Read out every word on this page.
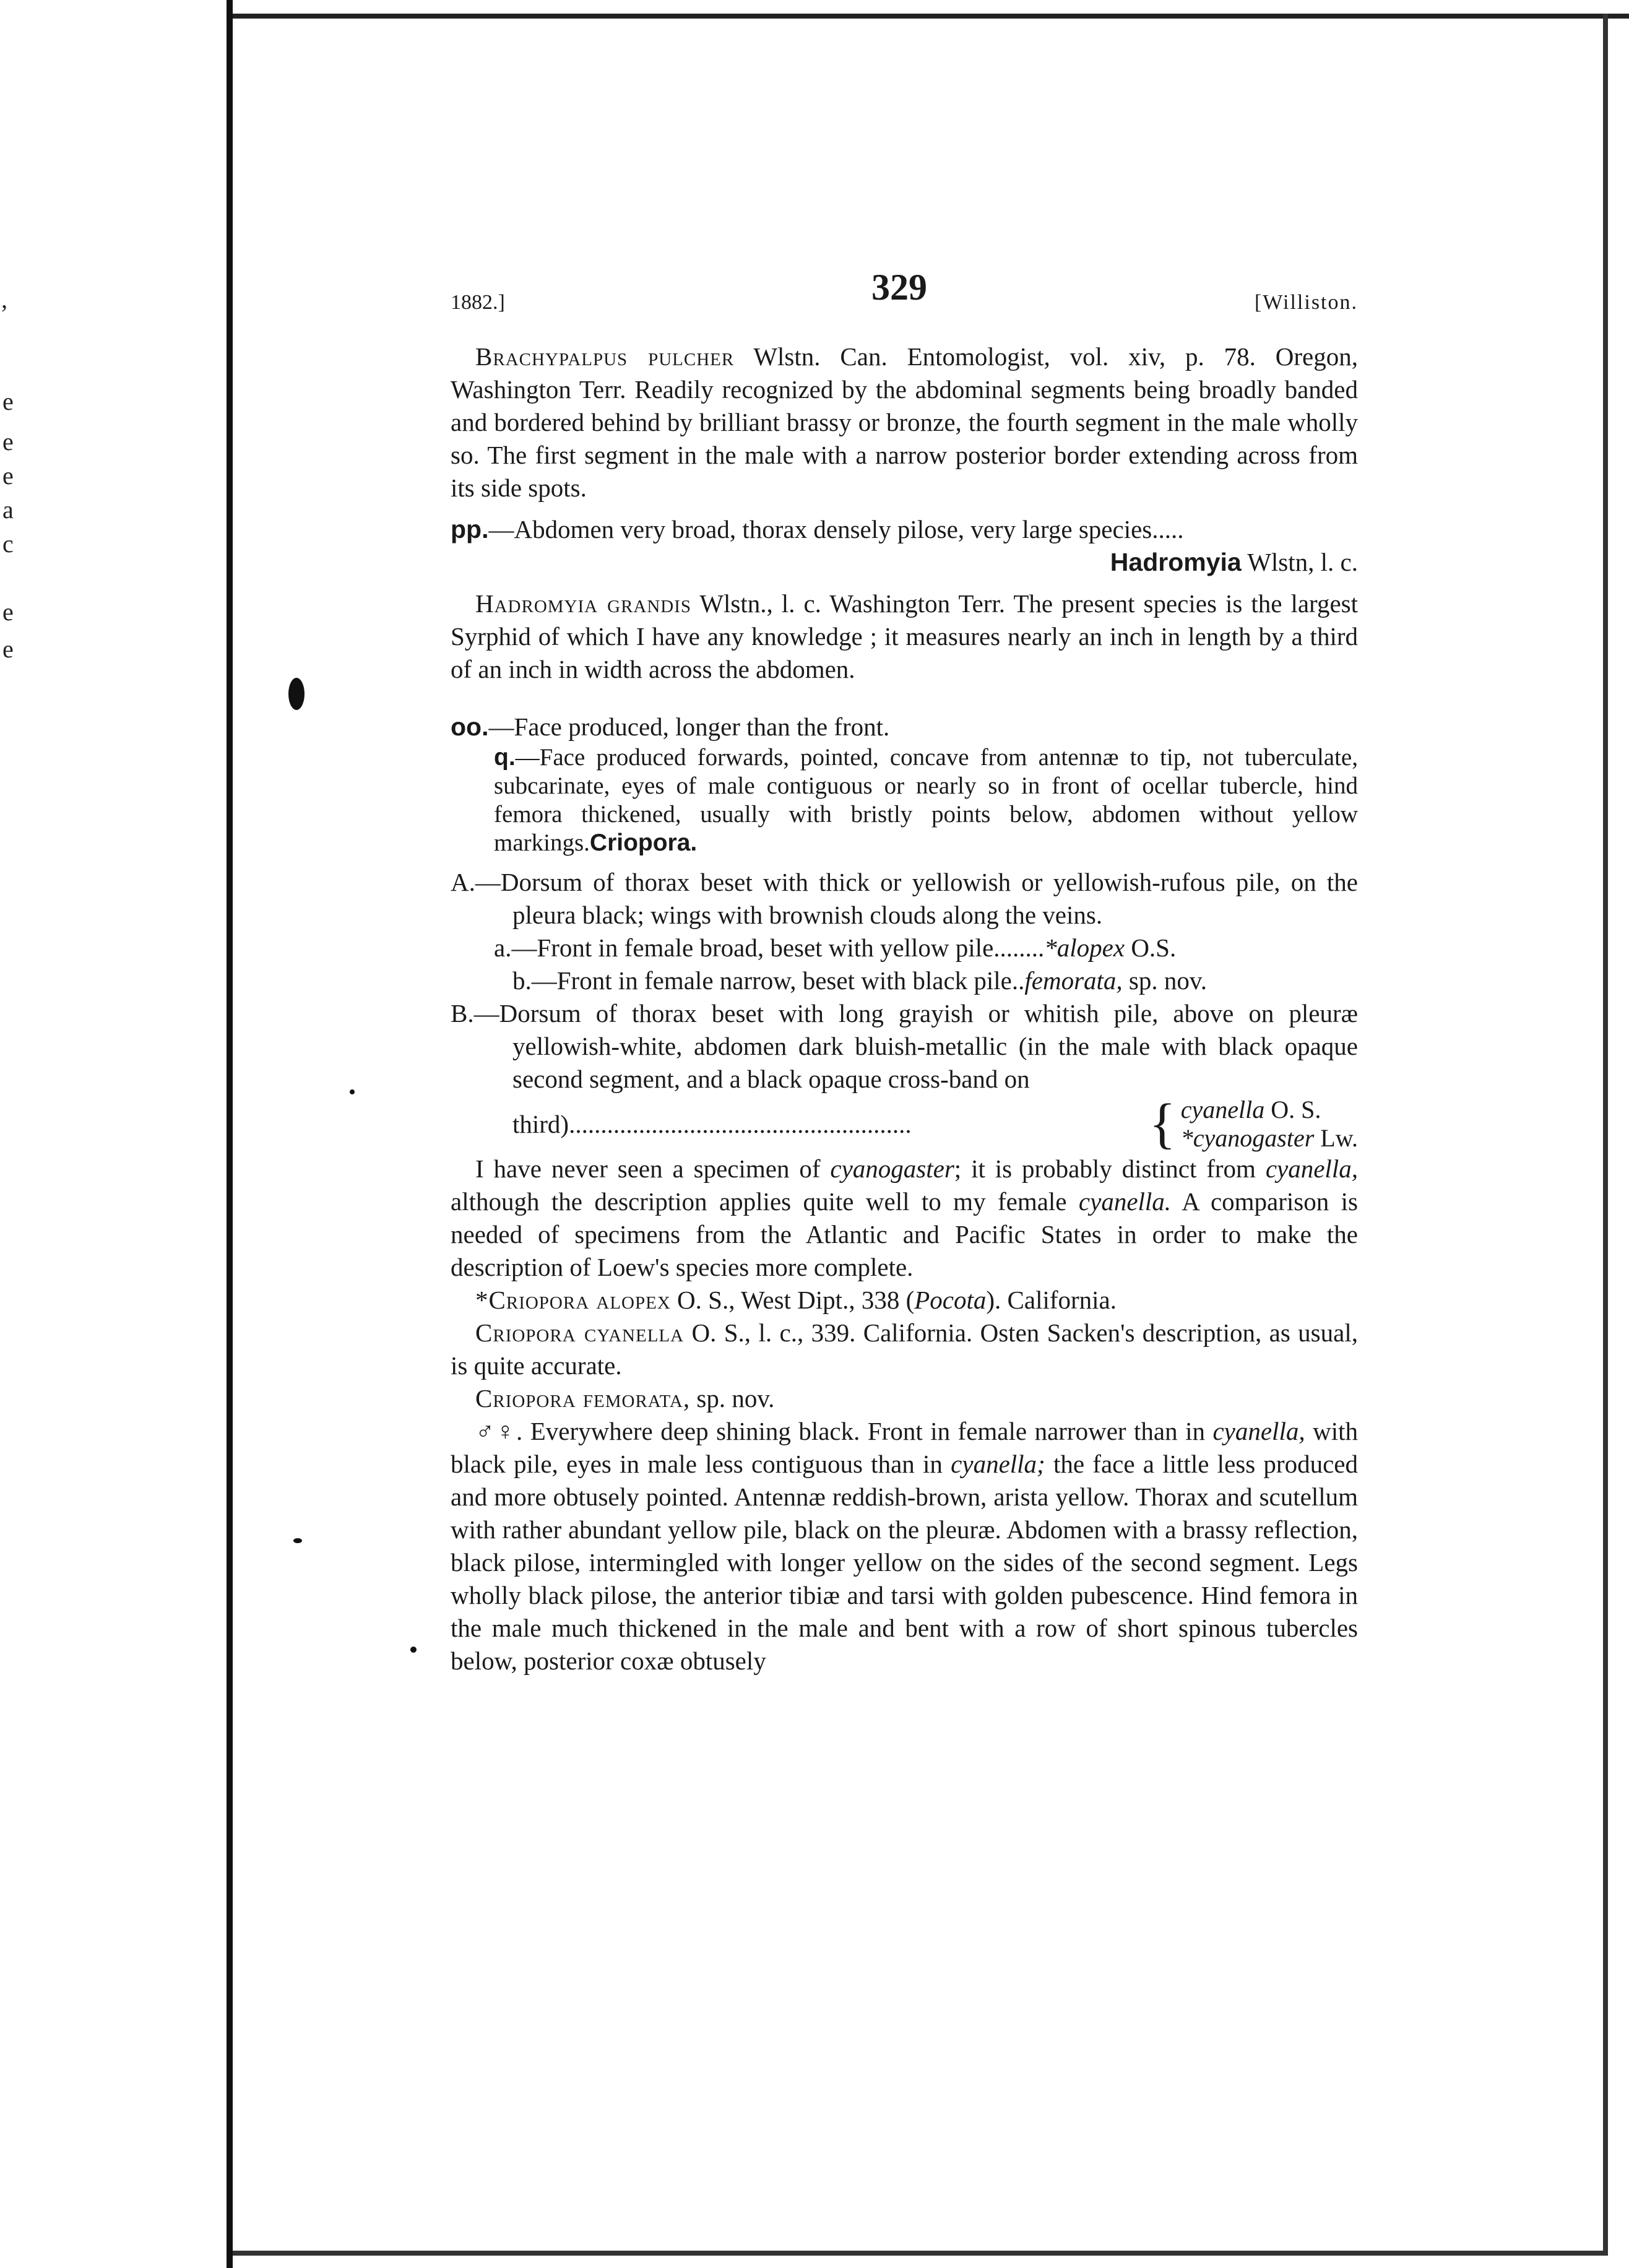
,
e
e
e
a
c
e
e
1882.]	329	[Williston.

Brachypalpus pulcher Wlstn. Can. Entomologist, vol. xiv, p. 78. Oregon, Washington Terr. Readily recognized by the abdominal segments being broadly banded and bordered behind by brilliant brassy or bronze, the fourth segment in the male wholly so. The first segment in the male with a narrow posterior border extending across from its side spots.

pp.—Abdomen very broad, thorax densely pilose, very large species.....

Hadromyia Wlstn, l. c.

Hadromyia grandis Wlstn., l. c. Washington Terr. The present species is the largest Syrphid of which I have any knowledge ; it measures nearly an inch in length by a third of an inch in width across the abdomen.

oo.—Face produced, longer than the front.

q.—Face produced forwards, pointed, concave from antennæ to tip, not tuberculate, subcarinate, eyes of male contiguous or nearly so in front of ocellar tubercle, hind femora thickened, usually with bristly points below, abdomen without yellow markings.Criopora.

A.—Dorsum of thorax beset with thick or yellowish or yellowish-rufous pile, on the pleura black; wings with brownish clouds along the veins.

a.—Front in female broad, beset with yellow pile........*alopex O.S.

b.—Front in female narrow, beset with black pile..femorata, sp. nov.

B.—Dorsum of thorax beset with long grayish or whitish pile, above on pleuræ yellowish-white, abdomen dark bluish-metallic (in the male with black opaque second segment, and a black opaque cross-band on

third)......................................................	{ cyanella O. S.
*cyanogaster Lw.

I have never seen a specimen of cyanogaster; it is probably distinct from cyanella, although the description applies quite well to my female cyanella. A comparison is needed of specimens from the Atlantic and Pacific States in order to make the description of Loew's species more complete.

*Criopora alopex O. S., West Dipt., 338 (Pocota). California.

Criopora cyanella O. S., l. c., 339. California. Osten Sacken's description, as usual, is quite accurate.

Criopora femorata, sp. nov.

♂♀. Everywhere deep shining black. Front in female narrower than in cyanella, with black pile, eyes in male less contiguous than in cyanella; the face a little less produced and more obtusely pointed. Antennæ reddish-brown, arista yellow. Thorax and scutellum with rather abundant yellow pile, black on the pleuræ. Abdomen with a brassy reflection, black pilose, intermingled with longer yellow on the sides of the second segment. Legs wholly black pilose, the anterior tibiæ and tarsi with golden pubescence. Hind femora in the male much thickened in the male and bent with a row of short spinous tubercles below, posterior coxæ obtusely
